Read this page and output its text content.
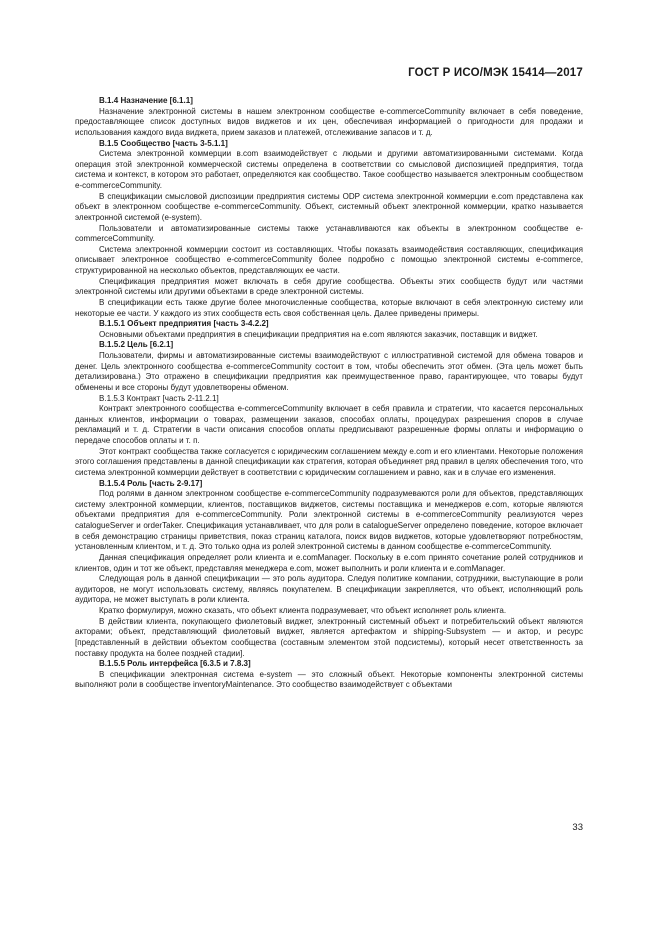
ГОСТ Р ИСО/МЭК 15414—2017

В.1.4 Назначение [6.1.1]

Назначение электронной системы в нашем электронном сообществе e-commerceCommunity включает в себя поведение, предоставляющее список доступных видов виджетов и их цен, обеспечивая информацией о пригодности для продажи и использования каждого вида виджета, прием заказов и платежей, отслеживание запасов и т. д.

В.1.5 Сообщество [часть 3-5.1.1]

Система электронной коммерции в.com взаимодействует с людьми и другими автоматизированными системами. Когда операция этой электронной коммерческой системы определена в соответствии со смысловой диспозицией предприятия, тогда система и контекст, в котором это работает, определяются как сообщество. Такое сообщество называется электронным сообществом e-commerceCommunity.

В спецификации смысловой диспозиции предприятия системы ODP система электронной коммерции e.com представлена как объект в электронном сообществе e-commerceCommunity. Объект, системный объект электронной коммерции, кратко называется электронной системой (e-system).

Пользователи и автоматизированные системы также устанавливаются как объекты в электронном сообществе e-commerceCommunity.

Система электронной коммерции состоит из составляющих. Чтобы показать взаимодействия составляющих, спецификация описывает электронное сообщество e-commerceCommunity более подробно с помощью электронной системы e-commerce, структурированной на несколько объектов, представляющих ее части.

Спецификация предприятия может включать в себя другие сообщества. Объекты этих сообществ будут или частями электронной системы или другими объектами в среде электронной системы.

В спецификации есть также другие более многочисленные сообщества, которые включают в себя электронную систему или некоторые ее части. У каждого из этих сообществ есть своя собственная цель. Далее приведены примеры.

В.1.5.1 Объект предприятия [часть 3-4.2.2]

Основными объектами предприятия в спецификации предприятия на e.com являются заказчик, поставщик и виджет.

В.1.5.2 Цель [6.2.1]

Пользователи, фирмы и автоматизированные системы взаимодействуют с иллюстративной системой для обмена товаров и денег. Цель электронного сообщества e-commerceCommunity состоит в том, чтобы обеспечить этот обмен. (Эта цель может быть детализирована.) Это отражено в спецификации предприятия как преимущественное право, гарантирующее, что товары будут обменены и все стороны будут удовлетворены обменом.

В.1.5.3 Контракт [часть 2-11.2.1]

Контракт электронного сообщества e-commerceCommunity включает в себя правила и стратегии, что касается персональных данных клиентов, информации о товарах, размещении заказов, способах оплаты, процедурах разрешения споров в случае рекламаций и т. д. Стратегии в части описания способов оплаты предписывают разрешенные формы оплаты и информацию о передаче способов оплаты и т. п.

Этот контракт сообщества также согласуется с юридическим соглашением между e.com и его клиентами. Некоторые положения этого соглашения представлены в данной спецификации как стратегия, которая объединяет ряд правил в целях обеспечения того, что система электронной коммерции действует в соответствии с юридическим соглашением и равно, как и в случае его изменения.

В.1.5.4 Роль [часть 2-9.17]

Под ролями в данном электронном сообществе e-commerceCommunity подразумеваются роли для объектов, представляющих систему электронной коммерции, клиентов, поставщиков виджетов, системы поставщика и менеджеров e.com, которые являются объектами предприятия для e-commerceCommunity. Роли электронной системы в e-commerceCommunity реализуются через catalogueServer и orderTaker. Спецификация устанавливает, что для роли в catalogueServer определено поведение, которое включает в себя демонстрацию страницы приветствия, показ страниц каталога, поиск видов виджетов, которые удовлетворяют потребностям, установленным клиентом, и т. д. Это только одна из ролей электронной системы в данном сообществе e-commerceCommunity.

Данная спецификация определяет роли клиента и e.comManager. Поскольку в e.com принято сочетание ролей сотрудников и клиентов, один и тот же объект, представляя менеджера e.com, может выполнить и роли клиента и e.comManager.

Следующая роль в данной спецификации — это роль аудитора. Следуя политике компании, сотрудники, выступающие в роли аудиторов, не могут использовать систему, являясь покупателем. В спецификации закрепляется, что объект, исполняющий роль аудитора, не может выступать в роли клиента.

Кратко формулируя, можно сказать, что объект клиента подразумевает, что объект исполняет роль клиента.

В действии клиента, покупающего фиолетовый виджет, электронный системный объект и потребительский объект являются акторами; объект, представляющий фиолетовый виджет, является артефактом и shipping-Subsystem — и актор, и ресурс [представленный в действии объектом сообщества (составным элементом этой подсистемы), который несет ответственность за поставку продукта на более поздней стадии].

В.1.5.5 Роль интерфейса [6.3.5 и 7.8.3]

В спецификации электронная система e-system — это сложный объект. Некоторые компоненты электронной системы выполняют роли в сообществе inventoryMaintenance. Это сообщество взаимодействует с объектами

33
